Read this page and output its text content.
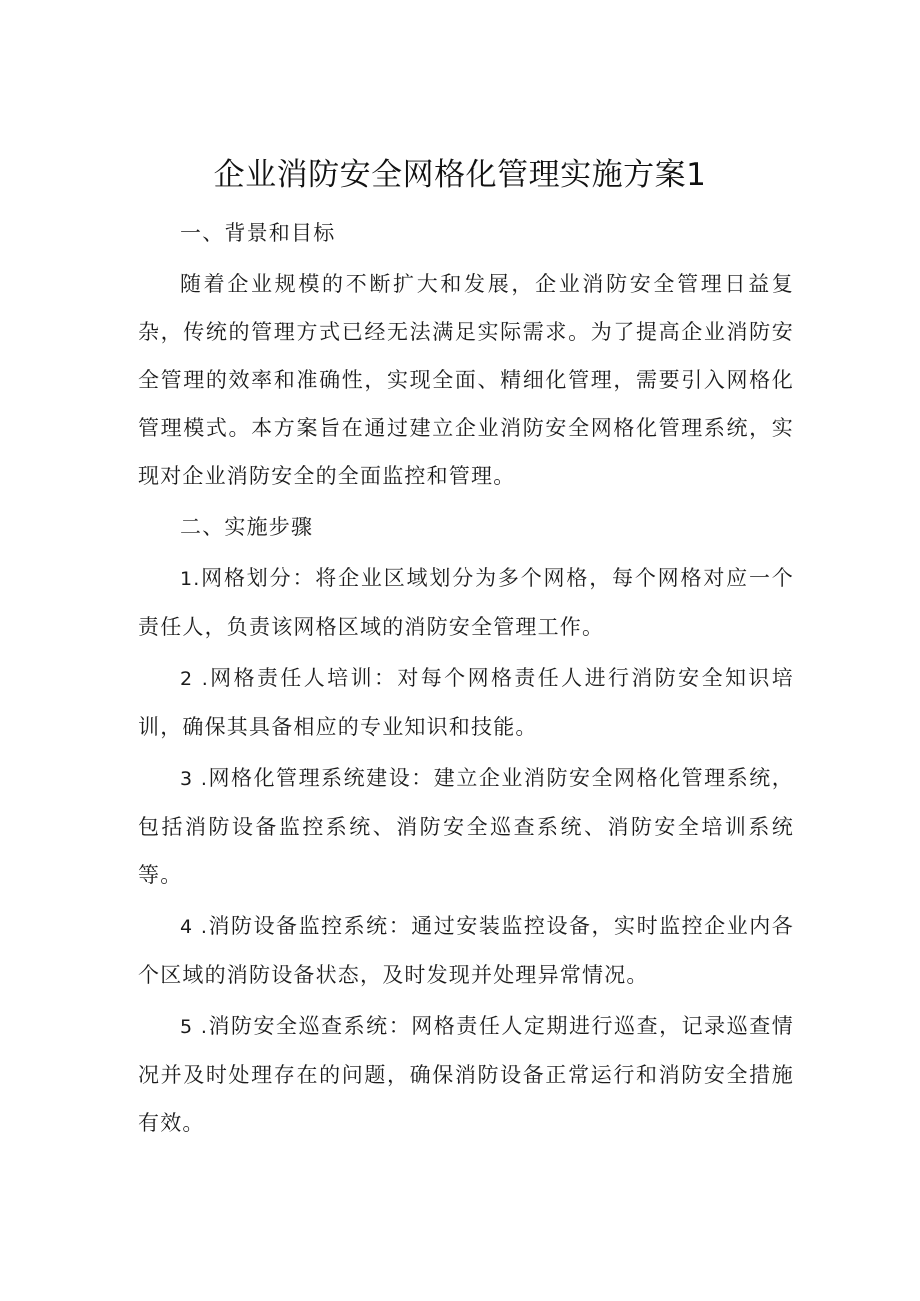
企业消防安全网格化管理实施方案1

一、背景和目标

随着企业规模的不断扩大和发展，企业消防安全管理日益复杂，传统的管理方式已经无法满足实际需求。为了提高企业消防安全管理的效率和准确性，实现全面、精细化管理，需要引入网格化管理模式。本方案旨在通过建立企业消防安全网格化管理系统，实现对企业消防安全的全面监控和管理。

二、实施步骤

1.网格划分：将企业区域划分为多个网格，每个网格对应一个责任人，负责该网格区域的消防安全管理工作。

2 .网格责任人培训：对每个网格责任人进行消防安全知识培训，确保其具备相应的专业知识和技能。

3 .网格化管理系统建设：建立企业消防安全网格化管理系统，包括消防设备监控系统、消防安全巡查系统、消防安全培训系统等。

4 .消防设备监控系统：通过安装监控设备，实时监控企业内各个区域的消防设备状态，及时发现并处理异常情况。

5 .消防安全巡查系统：网格责任人定期进行巡查，记录巡查情况并及时处理存在的问题，确保消防设备正常运行和消防安全措施有效。
